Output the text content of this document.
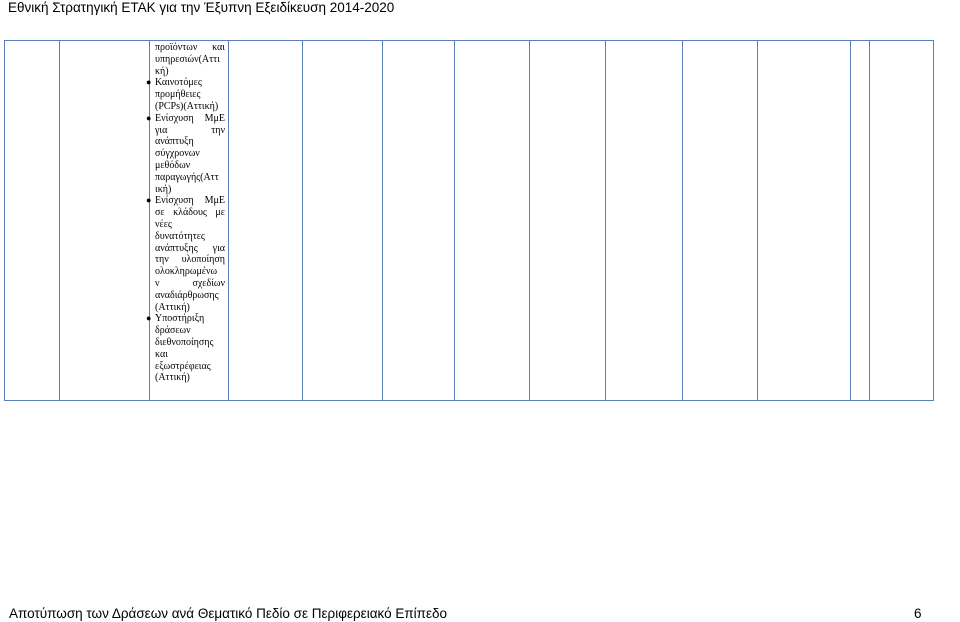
Εθνική Στρατηγική ΕΤΑΚ για την Έξυπνη Εξειδίκευση 2014-2020

προϊόντων και
υπηρεσιών(Αττι
κή)
● Καινοτόμες
προμήθειες
(PCPs)(Αττική)
● Ενίσχυση ΜμΕ
για την
ανάπτυξη
σύγχρονων
μεθόδων
παραγωγής(Αττ
ική)
● Ενίσχυση ΜμΕ
σε κλάδους με
νέες
δυνατότητες
ανάπτυξης για
την υλοποίηση
ολοκληρωμένω
ν σχεδίων
αναδιάρθρωσης
(Αττική)
● Υποστήριξη
δράσεων
διεθνοποίησης
και
εξωστρέφειας
(Αττική)

Αποτύπωση των Δράσεων ανά Θεματικό Πεδίο σε Περιφερειακό Επίπεδο	6
